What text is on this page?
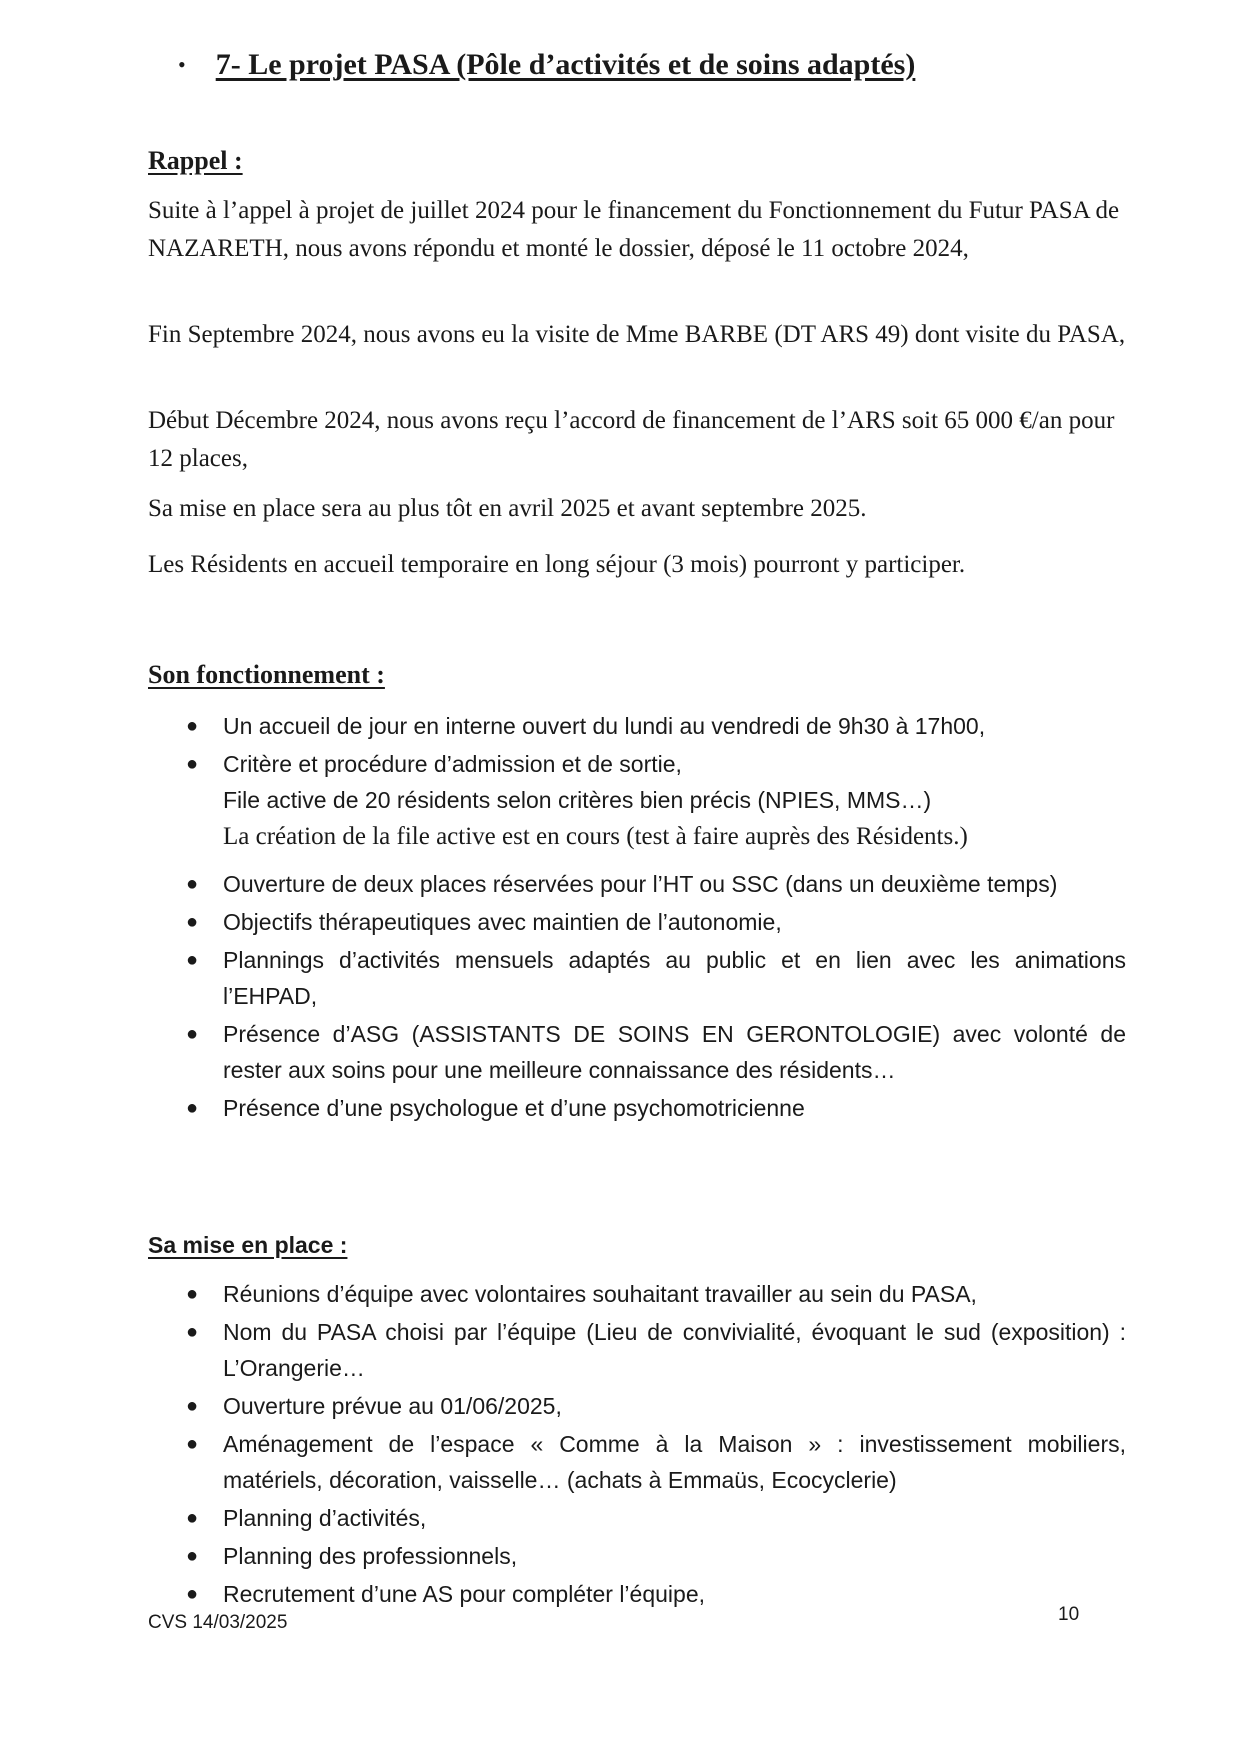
• 7- Le projet PASA (Pôle d’activités et de soins adaptés)
Rappel :

Suite à l’appel à projet de juillet 2024 pour le financement du Fonctionnement du Futur PASA de NAZARETH, nous avons répondu et monté le dossier, déposé le 11 octobre 2024,

Fin Septembre 2024, nous avons eu la visite de Mme BARBE (DT ARS 49) dont visite du PASA,

Début Décembre 2024, nous avons reçu l’accord de financement de l’ARS soit 65 000 €/an pour 12 places,

Sa mise en place sera au plus tôt en avril 2025 et avant septembre 2025.

Les Résidents en accueil temporaire en long séjour (3 mois) pourront y participer.

Son fonctionnement :
● Un accueil de jour en interne ouvert du lundi au vendredi de 9h30 à 17h00,
● Critère et procédure d’admission et de sortie,
File active de 20 résidents selon critères bien précis (NPIES, MMS…)
La création de la file active est en cours (test à faire auprès des Résidents.)
● Ouverture de deux places réservées pour l’HT ou SSC (dans un deuxième temps)
● Objectifs thérapeutiques avec maintien de l’autonomie,
● Plannings d’activités mensuels adaptés au public et en lien avec les animations l’EHPAD,
● Présence d’ASG (ASSISTANTS DE SOINS EN GERONTOLOGIE) avec volonté de rester aux soins pour une meilleure connaissance des résidents…
● Présence d’une psychologue et d’une psychomotricienne
Sa mise en place :
● Réunions d’équipe avec volontaires souhaitant travailler au sein du PASA,
● Nom du PASA choisi par l’équipe (Lieu de convivialité, évoquant le sud (exposition) : L’Orangerie…
● Ouverture prévue au 01/06/2025,
● Aménagement de l’espace « Comme à la Maison » : investissement mobiliers, matériels, décoration, vaisselle… (achats à Emmaüs, Ecocyclerie)
● Planning d’activités,
● Planning des professionnels,
● Recrutement d’une AS pour compléter l’équipe,
CVS 14/03/2025	10
